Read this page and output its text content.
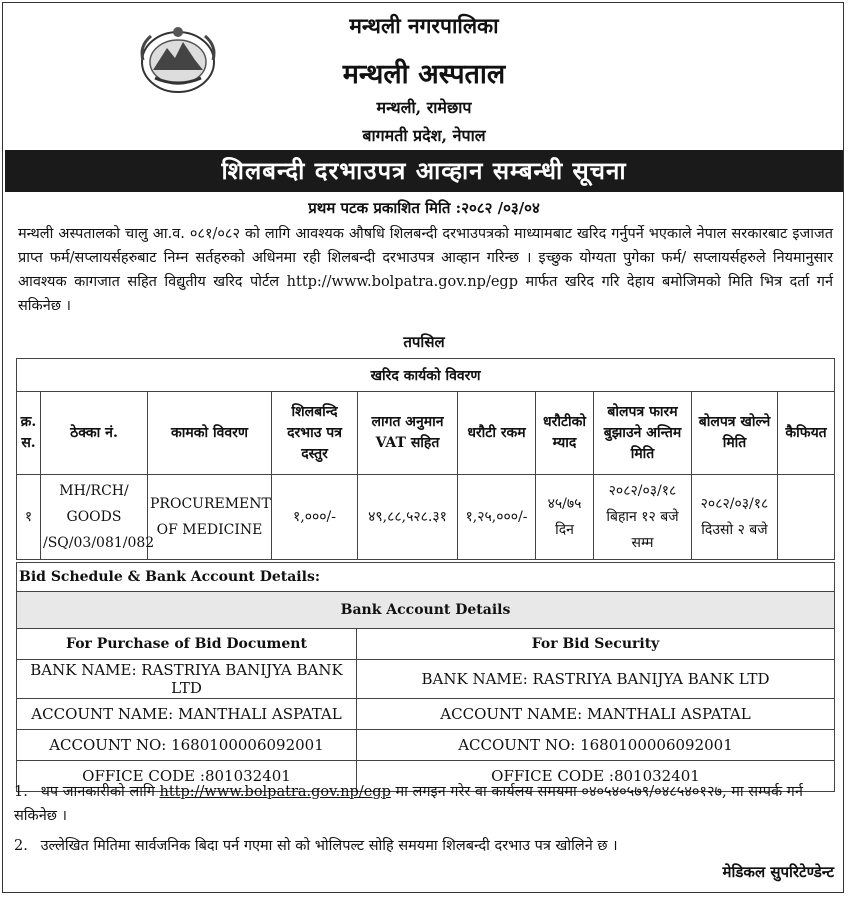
मन्थली नगरपालिका
मन्थली अस्पताल
मन्थली, रामेछाप
बागमती प्रदेश, नेपाल
शिलबन्दी दरभाउपत्र आव्हान सम्बन्धी सूचना
प्रथम पटक प्रकाशित मिति :२०८२ /०३/०४
मन्थली अस्पतालको चालु आ.व. ०८१/०८२ को लागि आवश्यक औषधि शिलबन्दी दरभाउपत्रको माध्यामबाट खरिद गर्नुपर्ने भएकाले नेपाल सरकारबाट इजाजत प्राप्त फर्म/सप्लायर्सहरुबाट निम्न सर्तहरुको अधिनमा रही शिलबन्दी दरभाउपत्र आव्हान गरिन्छ । इच्छुक योग्यता पुगेका फर्म/ सप्लायर्सहरुले नियमानुसार आवश्यक कागजात सहित विद्युतीय खरिद पोर्टल http://www.bolpatra.gov.np/egp मार्फत खरिद गरि देहाय बमोजिमको मिति भित्र दर्ता गर्न सकिनेछ ।
तपसिल
खरिद कार्यको विवरण									
क्र. स.	ठेक्का नं.	कामको विवरण	शिलबन्दि दरभाउ पत्र दस्तुर	लागत अनुमान VAT सहित	धरौटी रकम	धरौटीको म्याद	बोलपत्र फारम बुझाउने अन्तिम मिति	बोलपत्र खोल्ने मिति	कैफियत
१	MH/RCH/ GOODS /SQ/03/081/082	PROCUREMENT OF MEDICINE	१,०००/-	४९,८८,५२८.३१	१,२५,०००/-	४५/७५ दिन	२०८२/०३/१८ बिहान १२ बजे सम्म	२०८२/०३/१८ दिउसो २ बजे	
Bid Schedule & Bank Account Details:	
Bank Account Details	
For Purchase of Bid Document	For Bid Security
BANK NAME: RASTRIYA BANIJYA BANK LTD	BANK NAME: RASTRIYA BANIJYA BANK LTD
ACCOUNT NAME: MANTHALI ASPATAL	ACCOUNT NAME: MANTHALI ASPATAL
ACCOUNT NO: 1680100006092001	ACCOUNT NO: 1680100006092001
OFFICE CODE :801032401	OFFICE CODE :801032401
1. थप जानकारीको लागि http://www.bolpatra.gov.np/egp मा लगइन गरेर वा कार्यलय समयमा ०४०५४०५७९/०४८५४०१२७, मा सम्पर्क गर्न सकिनेछ ।
2. उल्लेखित मितिमा सार्वजनिक बिदा पर्न गएमा सो को भोलिपल्ट सोहि समयमा शिलबन्दी दरभाउ पत्र खोलिने छ ।
मेडिकल सुपरिटेण्डेन्ट
